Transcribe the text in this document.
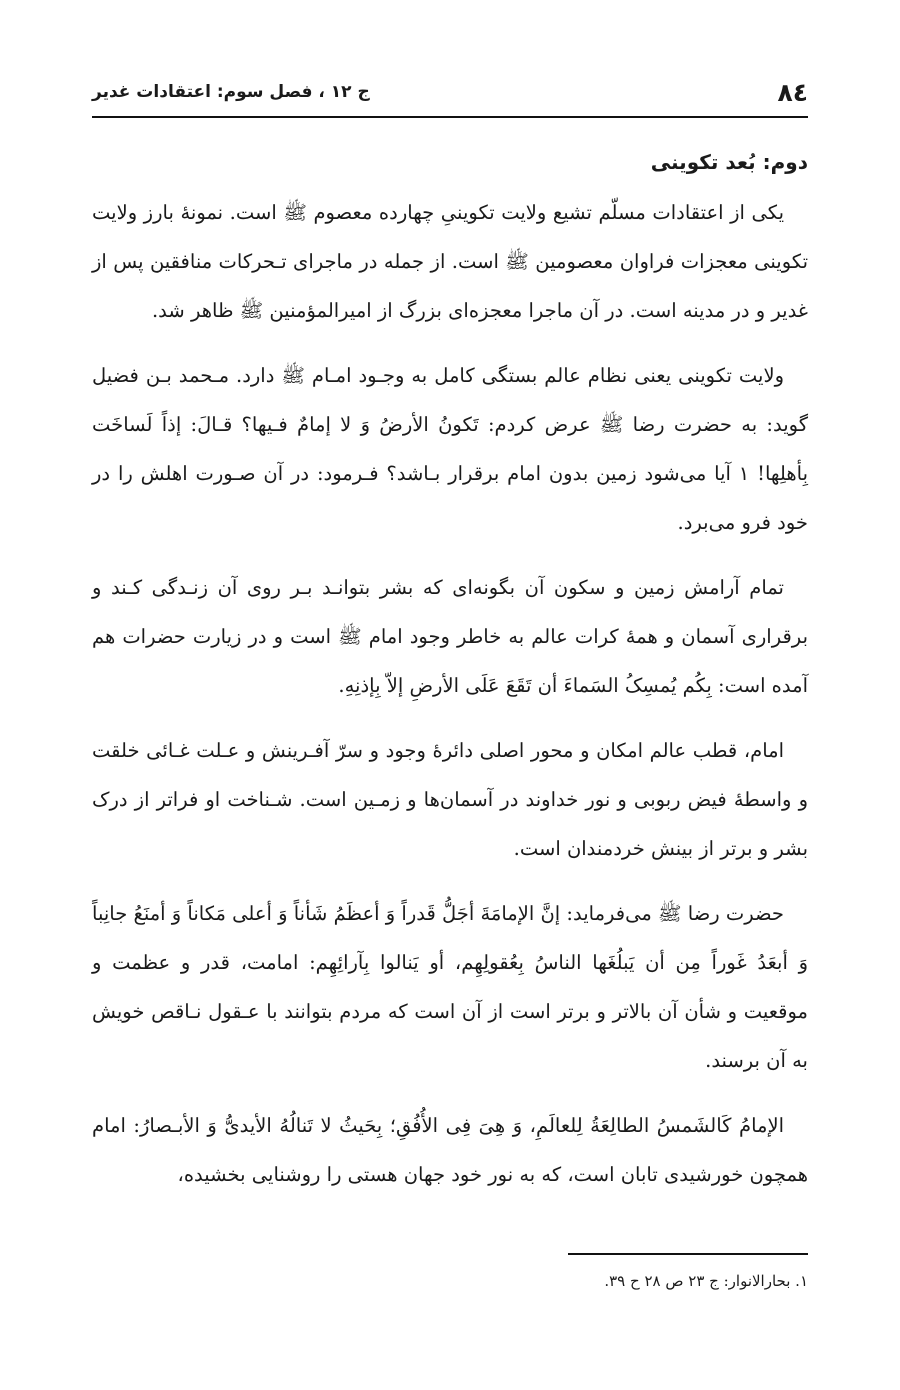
٨٤
ج ۱۲ ، فصل سوم: اعتقادات غدیر
دوم: بُعد تکوینی

یکی از اعتقادات مسلّم تشیع ولایت تکوینیِ چهارده معصوم ﷺ است. نمونهٔ بارز ولایت تکوینی معجزات فراوان معصومین ﷺ است. از جمله در ماجرای تـحرکات منافقین پس از غدیر و در مدینه است. در آن ماجرا معجزه‌ای بزرگ از امیرالمؤمنین ﷺ ظاهر شد.

ولایت تکوینی یعنی نظام عالم بستگی کامل به وجـود امـام ﷺ دارد. مـحمد بـن فضیل گوید: به حضرت رضا ﷺ عرض کردم: تَکونُ الأرضُ وَ لا إمامٌ فـیها؟ قـالَ: إذاً لَساخَت بِأهلِها! ۱ آیا می‌شود زمین بدون امام برقرار بـاشد؟ فـرمود: در آن صـورت اهلش را در خود فرو می‌برد.

تمام آرامش زمین و سکون آن بگونه‌ای که بشر بتوانـد بـر روی آن زنـدگی کـند و برقراری آسمان و همهٔ کرات عالم به خاطر وجود امام ﷺ است و در زیارت حضرات هم آمده است: بِکُم یُمسِکُ السَماءَ أن تَقَعَ عَلَی الأرضِ إلاّ بِإذنِهِ.

امام، قطب عالم امکان و محور اصلی دائرهٔ وجود و سرّ آفـرینش و عـلت غـائی خلقت و واسطهٔ فیض ربوبی و نور خداوند در آسمان‌ها و زمـین است. شـناخت او فراتر از درک بشر و برتر از بینش خردمندان است.

حضرت رضا ﷺ می‌فرماید: إنَّ الإمامَةَ أجَلُّ قَدراً وَ أعظَمُ شَأناً وَ أعلی مَکاناً وَ أمنَعُ جانِباً وَ أبعَدُ غَوراً مِن أن یَبلُغَها الناسُ بِعُقولِهِم، أو یَنالوا بِآرائِهِم: امامت، قدر و عظمت و موقعیت و شأن آن بالاتر و برتر است از آن است که مردم بتوانند با عـقول نـاقص خویش به آن برسند.

الإمامُ کَالشَمسُ الطالِعَةُ لِلعالَمِ، وَ هِیَ فِی الأُفُقِ؛ بِحَیثُ لا تَنالُهُ الأیدیُّ وَ الأبـصارُ: امام همچون خورشیدی تابان است، که به نور خود جهان هستی را روشنایی بخشیده،

۱. بحارالانوار: ج ۲۳ ص ۲۸ ح ۳۹.
